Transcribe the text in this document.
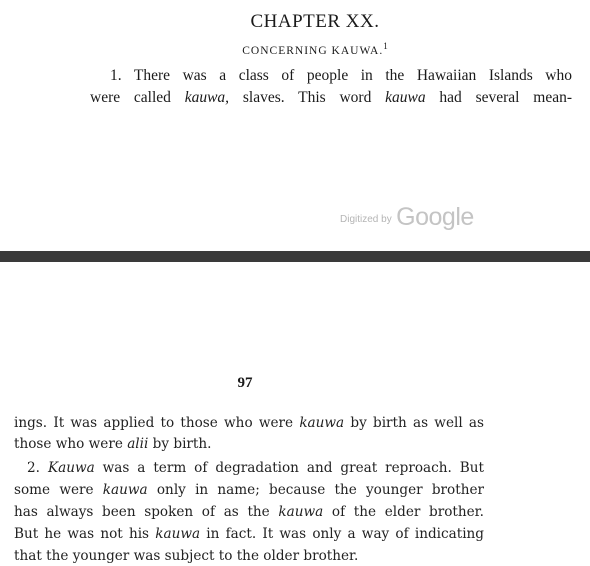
CHAPTER XX.
CONCERNING KAUWA.$^1$
1. There was a class of people in the Hawaiian Islands who
were called kauwa, slaves. This word kauwa had several mean-
Digitized by Google
97
ings. It was applied to those who were kauwa by birth as well as
those who were alii by birth.
2. Kauwa was a term of degradation and great reproach. But
some were kauwa only in name; because the younger brother
has always been spoken of as the kauwa of the elder brother.
But he was not his kauwa in fact. It was only a way of indicating
that the younger was subject to the older brother.
